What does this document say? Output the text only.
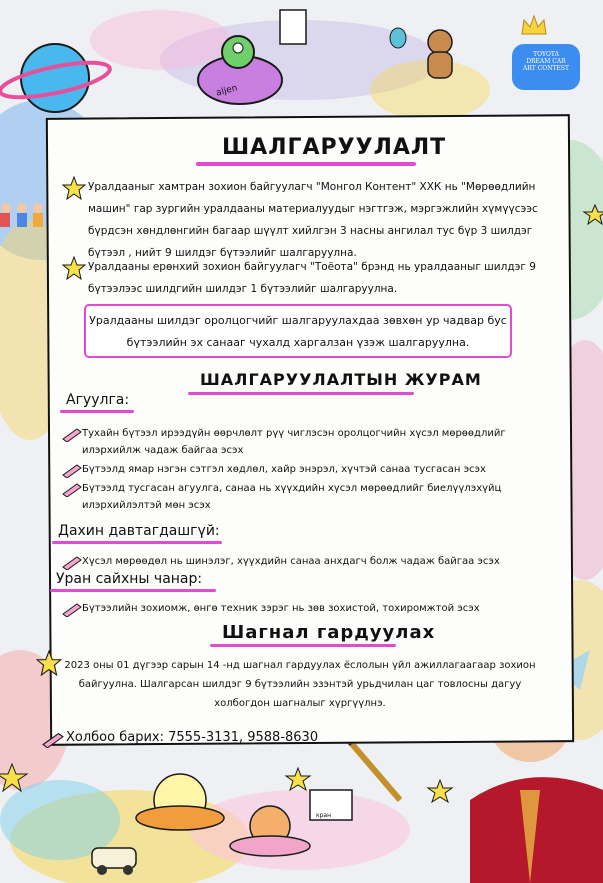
TOYOTA
DREAM CAR
ART CONTEST
aljen
кран
ШАЛГАРУУЛАЛТ
Уралдааныг хамтран зохион байгуулагч "Монгол Контент" ХХК нь "Мөрөөдлийн машин" гар зургийн уралдааны материалуудыг нэгтгэж, мэргэжлийн хүмүүсээс бүрдсэн хөндлөнгийн багаар шүүлт хийлгэн 3 насны ангилал тус бүр 3 шилдэг бүтээл , нийт 9 шилдэг бүтээлийг шалгаруулна.
Уралдааны ерөнхий зохион байгуулагч "Тоёота" брэнд нь уралдааныг шилдэг 9 бүтээлээс шилдгийн шилдэг 1 бүтээлийг шалгаруулна.
Уралдааны шилдэг оролцогчийг шалгаруулахдаа зөвхөн ур чадвар бус бүтээлийн эх санааг чухалд харгалзан үзэж шалгаруулна.
ШАЛГАРУУЛАЛТЫН ЖУРАМ
Агуулга:
Тухайн бүтээл ирээдүйн өөрчлөлт рүү чиглэсэн оролцогчийн хүсэл мөрөөдлийг илэрхийлж чадаж байгаа эсэх
Бүтээлд ямар нэгэн сэтгэл хөдлөл, хайр энэрэл, хүчтэй санаа тусгасан эсэх
Бүтээлд тусгасан агуулга, санаа нь хүүхдийн хүсэл мөрөөдлийг биелүүлэхүйц илэрхийлэлтэй мөн эсэх
Дахин давтагдашгүй:
Хүсэл мөрөөдөл нь шинэлэг, хүүхдийн санаа анхдагч болж чадаж байгаа эсэх
Уран сайхны чанар:
Бүтээлийн зохиомж, өнгө техник зэрэг нь зөв зохистой, тохиромжтой эсэх
Шагнал гардуулах
2023 оны 01 дүгээр сарын 14 -нд шагнал гардуулах ёслолын үйл ажиллагаагаар зохион байгуулна. Шалгарсан шилдэг 9 бүтээлийн эзэнтэй урьдчилан цаг товлосны дагуу холбогдон шагналыг хүргүүлнэ.
Холбоо барих: 7555-3131, 9588-8630
